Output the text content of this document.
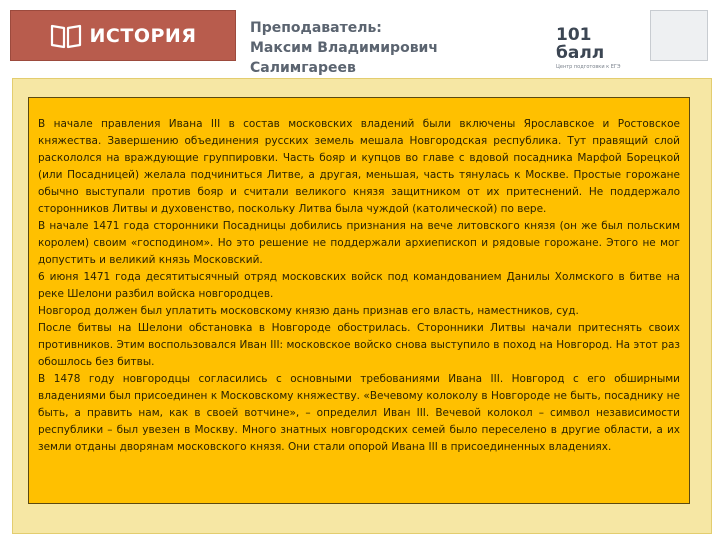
ИСТОРИЯ	Преподаватель:
Максим Владимирович Салимгареев
101 балл
Центр подготовки к ЕГЭ

В начале правления Ивана III в состав московских владений были включены Ярославское и Ростовское княжества. Завершению объединения русских земель мешала Новгородская республика. Тут правящий слой раскололся на враждующие группировки. Часть бояр и купцов во главе с вдовой посадника Марфой Борецкой (или Посадницей) желала подчиниться Литве, а другая, меньшая, часть тянулась к Москве. Простые горожане обычно выступали против бояр и считали великого князя защитником от их притеснений. Не поддержало сторонников Литвы и духовенство, поскольку Литва была чуждой (католической) по вере.

В начале 1471 года сторонники Посадницы добились признания на вече литовского князя (он же был польским королем) своим «господином». Но это решение не поддержали архиепископ и рядовые горожане. Этого не мог допустить и великий князь Московский.

6 июня 1471 года десятитысячный отряд московских войск под командованием Данилы Холмского в битве на реке Шелони разбил войска новгородцев.

Новгород должен был уплатить московскому князю дань признав его власть, наместников, суд.

После битвы на Шелони обстановка в Новгороде обострилась. Сторонники Литвы начали притеснять своих противников. Этим воспользовался Иван III: московское войско снова выступило в поход на Новгород. На этот раз обошлось без битвы.

В 1478 году новгородцы согласились с основными требованиями Ивана III. Новгород с его обширными владениями был присоединен к Московскому княжеству. «Вечевому колоколу в Новгороде не быть, посаднику не быть, а править нам, как в своей вотчине», – определил Иван III. Вечевой колокол – символ независимости республики – был увезен в Москву. Много знатных новгородских семей было переселено в другие области, а их земли отданы дворянам московского князя. Они стали опорой Ивана III в присоединенных владениях.
